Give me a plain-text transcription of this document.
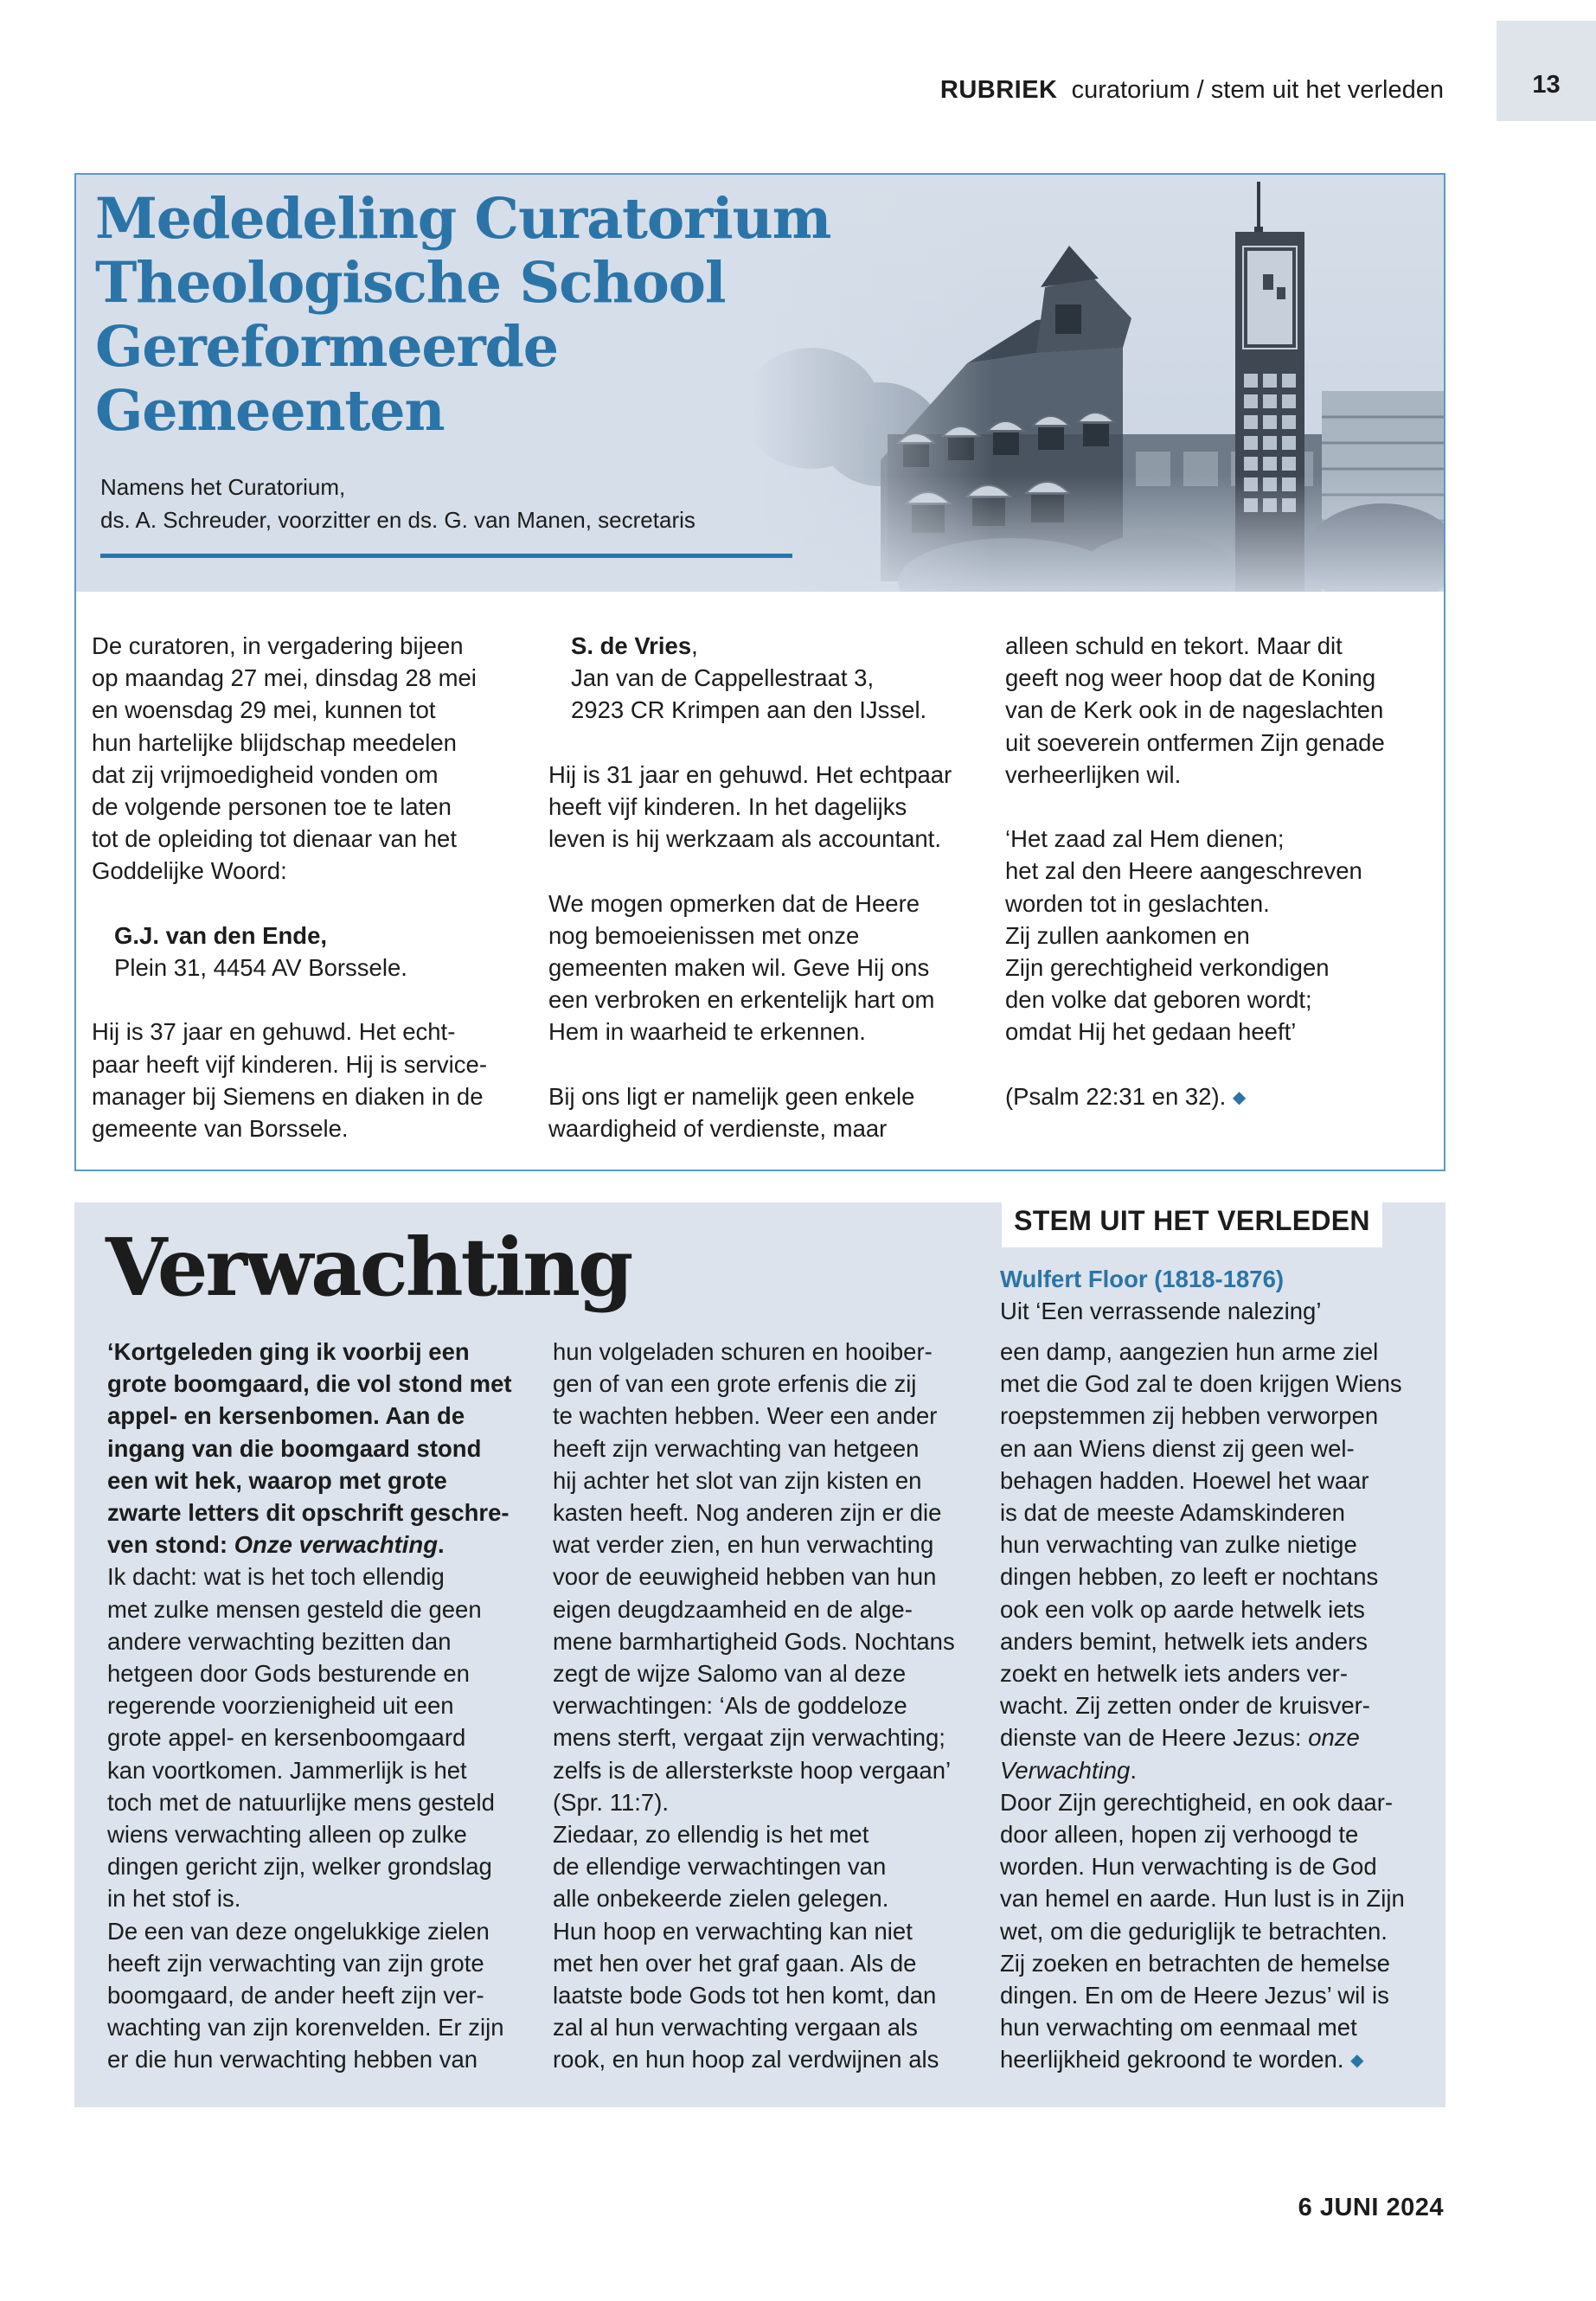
13
RUBRIEK curatorium / stem uit het verleden
Mededeling Curatorium
Theologische School
Gereformeerde
Gemeenten
Namens het Curatorium,
ds. A. Schreuder, voorzitter en ds. G. van Manen, secretaris

De curatoren, in vergadering bijeen

op maandag 27 mei, dinsdag 28 mei

en woensdag 29 mei, kunnen tot

hun hartelijke blijdschap meedelen

dat zij vrijmoedigheid vonden om

de volgende personen toe te laten

tot de opleiding tot dienaar van het

Goddelijke Woord:

G.J. van den Ende,

Plein 31, 4454 AV Borssele.

Hij is 37 jaar en gehuwd. Het echt-

paar heeft vijf kinderen. Hij is service-

manager bij Siemens en diaken in de

gemeente van Borssele.

S. de Vries,

Jan van de Cappellestraat 3,

2923 CR Krimpen aan den IJssel.

Hij is 31 jaar en gehuwd. Het echtpaar

heeft vijf kinderen. In het dagelijks

leven is hij werkzaam als accountant.

We mogen opmerken dat de Heere

nog bemoeienissen met onze

gemeenten maken wil. Geve Hij ons

een verbroken en erkentelijk hart om

Hem in waarheid te erkennen.

Bij ons ligt er namelijk geen enkele

waardigheid of verdienste, maar

alleen schuld en tekort. Maar dit

geeft nog weer hoop dat de Koning

van de Kerk ook in de nageslachten

uit soeverein ontfermen Zijn genade

verheerlijken wil.

‘Het zaad zal Hem dienen;

het zal den Heere aangeschreven

worden tot in geslachten.

Zij zullen aankomen en

Zijn gerechtigheid verkondigen

den volke dat geboren wordt;

omdat Hij het gedaan heeft’

(Psalm 22:31 en 32). ◆

STEM UIT HET VERLEDEN
Verwachting	Wulfert Floor (1818-1876)
Uit ‘Een verrassende nalezing’

‘Kortgeleden ging ik voorbij een

grote boomgaard, die vol stond met

appel- en kersenbomen. Aan de

ingang van die boomgaard stond

een wit hek, waarop met grote

zwarte letters dit opschrift geschre-

ven stond: Onze verwachting.

Ik dacht: wat is het toch ellendig

met zulke mensen gesteld die geen

andere verwachting bezitten dan

hetgeen door Gods besturende en

regerende voorzienigheid uit een

grote appel- en kersenboomgaard

kan voortkomen. Jammerlijk is het

toch met de natuurlijke mens gesteld

wiens verwachting alleen op zulke

dingen gericht zijn, welker grondslag

in het stof is.

De een van deze ongelukkige zielen

heeft zijn verwachting van zijn grote

boomgaard, de ander heeft zijn ver-

wachting van zijn korenvelden. Er zijn

er die hun verwachting hebben van

hun volgeladen schuren en hooiber-

gen of van een grote erfenis die zij

te wachten hebben. Weer een ander

heeft zijn verwachting van hetgeen

hij achter het slot van zijn kisten en

kasten heeft. Nog anderen zijn er die

wat verder zien, en hun verwachting

voor de eeuwigheid hebben van hun

eigen deugdzaamheid en de alge-

mene barmhartigheid Gods. Nochtans

zegt de wijze Salomo van al deze

verwachtingen: ‘Als de goddeloze

mens sterft, vergaat zijn verwachting;

zelfs is de allersterkste hoop vergaan’

(Spr. 11:7).

Ziedaar, zo ellendig is het met

de ellendige verwachtingen van

alle onbekeerde zielen gelegen.

Hun hoop en verwachting kan niet

met hen over het graf gaan. Als de

laatste bode Gods tot hen komt, dan

zal al hun verwachting vergaan als

rook, en hun hoop zal verdwijnen als

een damp, aangezien hun arme ziel

met die God zal te doen krijgen Wiens

roepstemmen zij hebben verworpen

en aan Wiens dienst zij geen wel-

behagen hadden. Hoewel het waar

is dat de meeste Adamskinderen

hun verwachting van zulke nietige

dingen hebben, zo leeft er nochtans

ook een volk op aarde hetwelk iets

anders bemint, hetwelk iets anders

zoekt en hetwelk iets anders ver-

wacht. Zij zetten onder de kruisver-

dienste van de Heere Jezus: onze

Verwachting.

Door Zijn gerechtigheid, en ook daar-

door alleen, hopen zij verhoogd te

worden. Hun verwachting is de God

van hemel en aarde. Hun lust is in Zijn

wet, om die geduriglijk te betrachten.

Zij zoeken en betrachten de hemelse

dingen. En om de Heere Jezus’ wil is

hun verwachting om eenmaal met

heerlijkheid gekroond te worden. ◆

6 JUNI 2024
